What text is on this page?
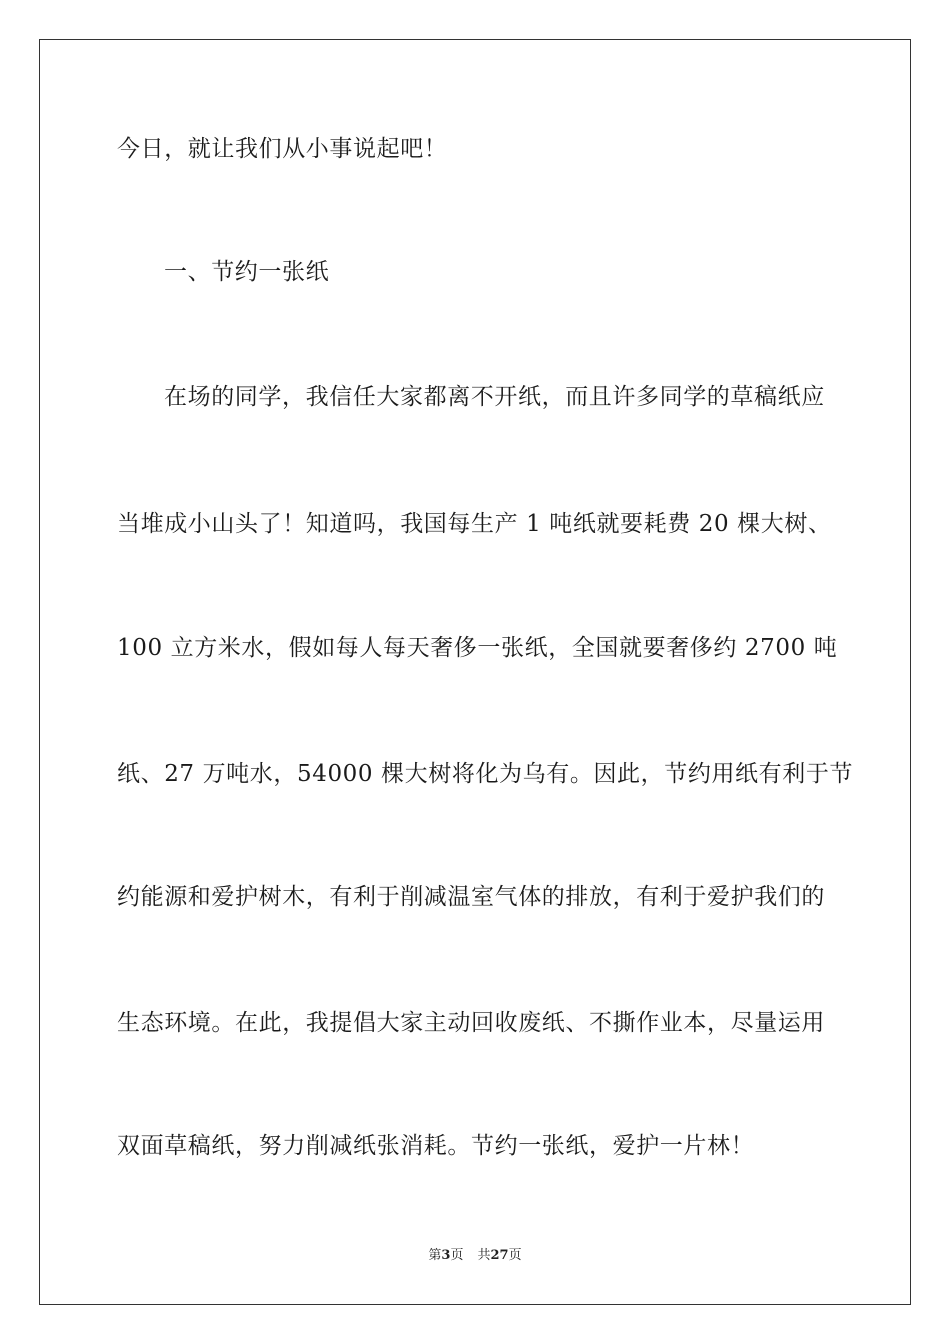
今日，就让我们从小事说起吧！
一、节约一张纸
在场的同学，我信任大家都离不开纸，而且许多同学的草稿纸应
当堆成小山头了！知道吗，我国每生产 1 吨纸就要耗费 20 棵大树、
100 立方米水，假如每人每天奢侈一张纸，全国就要奢侈约 2700 吨
纸、27 万吨水，54000 棵大树将化为乌有。因此，节约用纸有利于节
约能源和爱护树木，有利于削减温室气体的排放，有利于爱护我们的
生态环境。在此，我提倡大家主动回收废纸、不撕作业本，尽量运用
双面草稿纸，努力削减纸张消耗。节约一张纸，爱护一片林！
第3页 共27页
